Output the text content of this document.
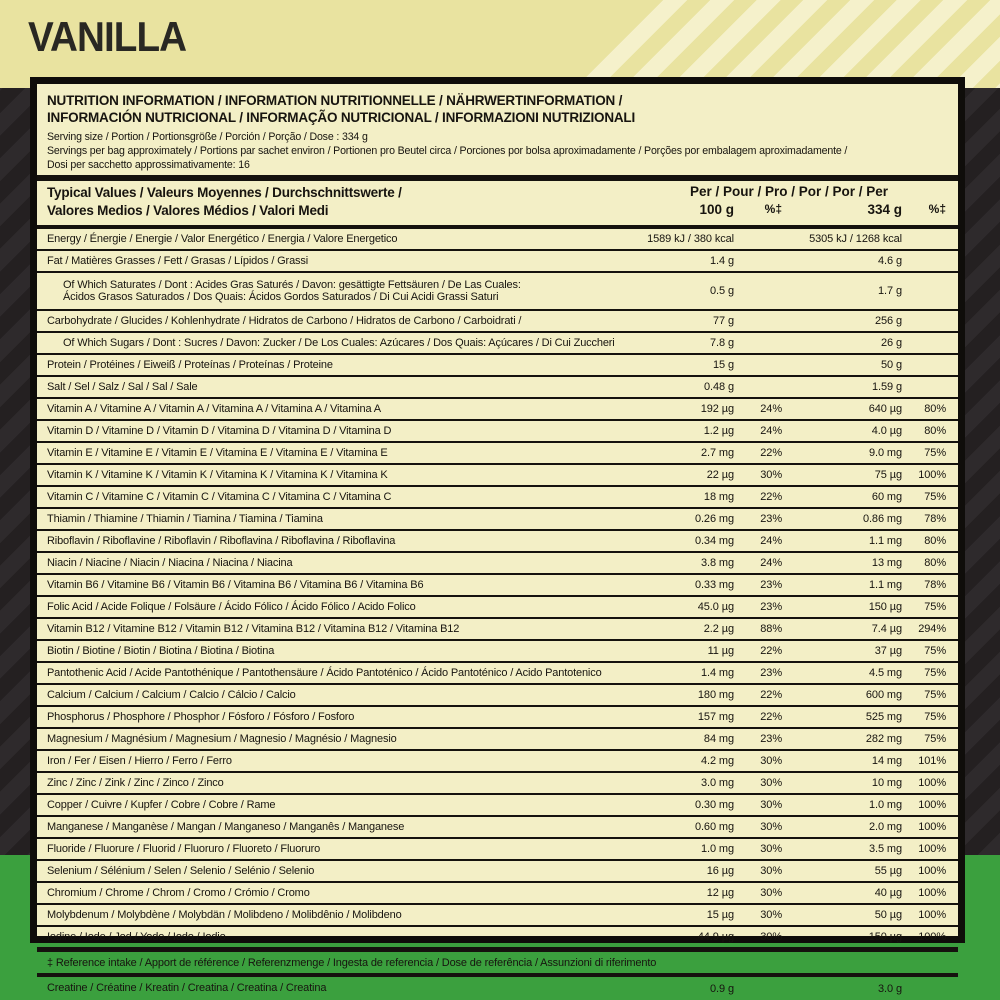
VANILLA
NUTRITION INFORMATION / INFORMATION NUTRITIONNELLE / NÄHRWERTINFORMATION /
INFORMACIÓN NUTRICIONAL / INFORMAÇÃO NUTRICIONAL / INFORMAZIONI NUTRIZIONALI
Serving size / Portion / Portionsgröße / Porción / Porção / Dose : 334 g
Servings per bag approximately / Portions par sachet environ / Portionen pro Beutel circa / Porciones por bolsa aproximadamente / Porções por embalagem aproximadamente /
Dosi per sacchetto approssimativamente: 16
Typical Values / Valeurs Moyennes / Durchschnittswerte /
Valores Medios / Valores Médios / Valori Medi
Per / Pour / Pro / Por / Por / Per
100 g	%‡	334 g %‡
Energy / Énergie / Energie / Valor Energético / Energia / Valore Energetico	1589 kJ / 380 kcal	5305 kJ / 1268 kcal
Fat / Matières Grasses / Fett / Grasas / Lípidos / Grassi	1.4 g	4.6 g
Of Which Saturates / Dont : Acides Gras Saturés / Davon: gesättigte Fettsäuren / De Las Cuales:
Ácidos Grasos Saturados / Dos Quais: Ácidos Gordos Saturados / Di Cui Acidi Grassi Saturi	0.5 g	1.7 g
Carbohydrate / Glucides / Kohlenhydrate / Hidratos de Carbono / Hidratos de Carbono / Carboidrati /	77 g	256 g
Of Which Sugars / Dont : Sucres / Davon: Zucker / De Los Cuales: Azúcares / Dos Quais: Açúcares / Di Cui Zuccheri	7.8 g	26 g
Protein / Protéines / Eiweiß / Proteínas / Proteínas / Proteine	15 g	50 g
Salt / Sel / Salz / Sal / Sal / Sale	0.48 g	1.59 g
Vitamin A / Vitamine A / Vitamin A / Vitamina A / Vitamina A / Vitamina A	192 µg 24%	640 µg 80%
Vitamin D / Vitamine D / Vitamin D / Vitamina D / Vitamina D / Vitamina D	1.2 µg 24%	4.0 µg 80%
Vitamin E / Vitamine E / Vitamin E / Vitamina E / Vitamina E / Vitamina E	2.7 mg 22%	9.0 mg 75%
Vitamin K / Vitamine K / Vitamin K / Vitamina K / Vitamina K / Vitamina K	22 µg 30%	75 µg 100%
Vitamin C / Vitamine C / Vitamin C / Vitamina C / Vitamina C / Vitamina C	18 mg 22%	60 mg 75%
Thiamin / Thiamine / Thiamin / Tiamina / Tiamina / Tiamina	0.26 mg 23%	0.86 mg 78%
Riboflavin / Riboflavine / Riboflavin / Riboflavina / Riboflavina / Riboflavina	0.34 mg 24%	1.1 mg 80%
Niacin / Niacine / Niacin / Niacina / Niacina / Niacina	3.8 mg 24%	13 mg 80%
Vitamin B6 / Vitamine B6 / Vitamin B6 / Vitamina B6 / Vitamina B6 / Vitamina B6	0.33 mg 23%	1.1 mg 78%
Folic Acid / Acide Folique / Folsäure / Ácido Fólico / Ácido Fólico / Acido Folico	45.0 µg 23%	150 µg 75%
Vitamin B12 / Vitamine B12 / Vitamin B12 / Vitamina B12 / Vitamina B12 / Vitamina B12	2.2 µg 88%	7.4 µg 294%
Biotin / Biotine / Biotin / Biotina / Biotina / Biotina	11 µg 22%	37 µg 75%
Pantothenic Acid / Acide Pantothénique / Pantothensäure / Ácido Pantoténico / Ácido Pantoténico / Acido Pantotenico	1.4 mg 23%	4.5 mg 75%
Calcium / Calcium / Calcium / Calcio / Cálcio / Calcio	180 mg 22%	600 mg 75%
Phosphorus / Phosphore / Phosphor / Fósforo / Fósforo / Fosforo	157 mg 22%	525 mg 75%
Magnesium / Magnésium / Magnesium / Magnesio / Magnésio / Magnesio	84 mg 23%	282 mg 75%
Iron / Fer / Eisen / Hierro / Ferro / Ferro	4.2 mg 30%	14 mg 101%
Zinc / Zinc / Zink / Zinc / Zinco / Zinco	3.0 mg 30%	10 mg 100%
Copper / Cuivre / Kupfer / Cobre / Cobre / Rame	0.30 mg 30%	1.0 mg 100%
Manganese / Manganèse / Mangan / Manganeso / Manganês / Manganese	0.60 mg 30%	2.0 mg 100%
Fluoride / Fluorure / Fluorid / Fluoruro / Fluoreto / Fluoruro	1.0 mg 30%	3.5 mg 100%
Selenium / Sélénium / Selen / Selenio / Selénio / Selenio	16 µg 30%	55 µg 100%
Chromium / Chrome / Chrom / Cromo / Crómio / Cromo	12 µg 30%	40 µg 100%
Molybdenum / Molybdène / Molybdän / Molibdeno / Molibdênio / Molibdeno	15 µg 30%	50 µg 100%
Iodine / Iode / Jod / Yodo / Iodo / Iodio	44.9 µg 30%	150 µg 100%
‡ Reference intake / Apport de référence / Referenzmenge / Ingesta de referencia / Dose de referência / Assunzioni di riferimento
Creatine / Créatine / Kreatin / Creatina / Creatina / Creatina	0.9 g	3.0 g
